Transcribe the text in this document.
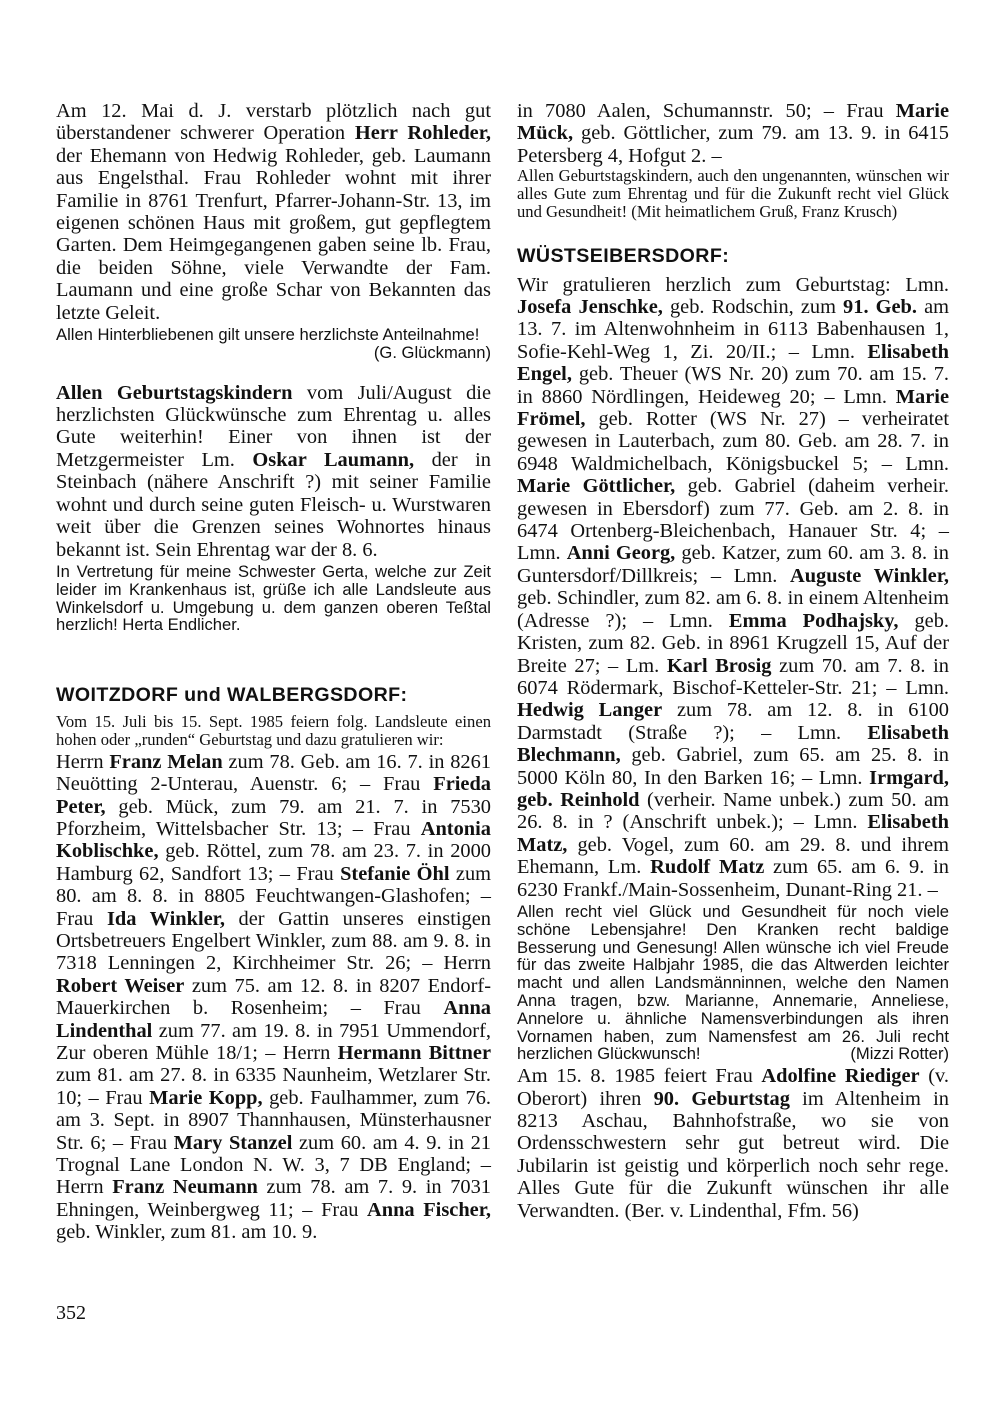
Am 12. Mai d. J. verstarb plötzlich nach gut überstandener schwerer Operation Herr Rohleder, der Ehemann von Hedwig Rohleder, geb. Laumann aus Engelsthal. Frau Rohleder wohnt mit ihrer Familie in 8761 Trenfurt, Pfarrer-Johann-Str. 13, im eigenen schönen Haus mit großem, gut gepflegtem Garten. Dem Heimgegangenen gaben seine lb. Frau, die beiden Söhne, viele Verwandte der Fam. Laumann und eine große Schar von Bekannten das letzte Geleit.

Allen Hinterbliebenen gilt unsere herzlichste Anteilnahme!
(G. Glückmann)

Allen Geburtstagskindern vom Juli/August die herzlichsten Glückwünsche zum Ehrentag u. alles Gute weiterhin! Einer von ihnen ist der Metzgermeister Lm. Oskar Laumann, der in Steinbach (nähere Anschrift ?) mit seiner Familie wohnt und durch seine guten Fleisch- u. Wurstwaren weit über die Grenzen seines Wohnortes hinaus bekannt ist. Sein Ehrentag war der 8. 6.

In Vertretung für meine Schwester Gerta, welche zur Zeit leider im Krankenhaus ist, grüße ich alle Landsleute aus Winkelsdorf u. Umgebung u. dem ganzen oberen Teßtal herzlich! Herta Endlicher.

WOITZDORF und WALBERGSDORF:

Vom 15. Juli bis 15. Sept. 1985 feiern folg. Landsleute einen hohen oder „runden“ Geburtstag und dazu gratulieren wir:

Herrn Franz Melan zum 78. Geb. am 16. 7. in 8261 Neuötting 2-Unterau, Auenstr. 6; – Frau Frieda Peter, geb. Mück, zum 79. am 21. 7. in 7530 Pforzheim, Wittelsbacher Str. 13; – Frau Antonia Koblischke, geb. Röttel, zum 78. am 23. 7. in 2000 Hamburg 62, Sandfort 13; – Frau Stefanie Öhl zum 80. am 8. 8. in 8805 Feuchtwangen-Glashofen; – Frau Ida Winkler, der Gattin unseres einstigen Ortsbetreuers Engelbert Winkler, zum 88. am 9. 8. in 7318 Lenningen 2, Kirchheimer Str. 26; – Herrn Robert Weiser zum 75. am 12. 8. in 8207 Endorf-Mauerkirchen b. Rosenheim; – Frau Anna Lindenthal zum 77. am 19. 8. in 7951 Ummendorf, Zur oberen Mühle 18/1; – Herrn Hermann Bittner zum 81. am 27. 8. in 6335 Naunheim, Wetzlarer Str. 10; – Frau Marie Kopp, geb. Faulhammer, zum 76. am 3. Sept. in 8907 Thannhausen, Münsterhausner Str. 6; – Frau Mary Stanzel zum 60. am 4. 9. in 21 Trognal Lane London N. W. 3, 7 DB England; – Herrn Franz Neumann zum 78. am 7. 9. in 7031 Ehningen, Weinbergweg 11; – Frau Anna Fischer, geb. Winkler, zum 81. am 10. 9.

in 7080 Aalen, Schumannstr. 50; – Frau Marie Mück, geb. Göttlicher, zum 79. am 13. 9. in 6415 Petersberg 4, Hofgut 2. –

Allen Geburtstagskindern, auch den ungenannten, wünschen wir alles Gute zum Ehrentag und für die Zukunft recht viel Glück und Gesundheit! (Mit heimatlichem Gruß, Franz Krusch)

WÜSTSEIBERSDORF:

Wir gratulieren herzlich zum Geburtstag: Lmn. Josefa Jenschke, geb. Rodschin, zum 91. Geb. am 13. 7. im Altenwohnheim in 6113 Babenhausen 1, Sofie-Kehl-Weg 1, Zi. 20/II.; – Lmn. Elisabeth Engel, geb. Theuer (WS Nr. 20) zum 70. am 15. 7. in 8860 Nördlingen, Heideweg 20; – Lmn. Marie Frömel, geb. Rotter (WS Nr. 27) – verheiratet gewesen in Lauterbach, zum 80. Geb. am 28. 7. in 6948 Waldmichelbach, Königsbuckel 5; – Lmn. Marie Göttlicher, geb. Gabriel (daheim verheir. gewesen in Ebersdorf) zum 77. Geb. am 2. 8. in 6474 Ortenberg-Bleichenbach, Hanauer Str. 4; – Lmn. Anni Georg, geb. Katzer, zum 60. am 3. 8. in Guntersdorf/Dillkreis; – Lmn. Auguste Winkler, geb. Schindler, zum 82. am 6. 8. in einem Altenheim (Adresse ?); – Lmn. Emma Podhajsky, geb. Kristen, zum 82. Geb. in 8961 Krugzell 15, Auf der Breite 27; – Lm. Karl Brosig zum 70. am 7. 8. in 6074 Rödermark, Bischof-Ketteler-Str. 21; – Lmn. Hedwig Langer zum 78. am 12. 8. in 6100 Darmstadt (Straße ?); – Lmn. Elisabeth Blechmann, geb. Gabriel, zum 65. am 25. 8. in 5000 Köln 80, In den Barken 16; – Lmn. Irmgard, geb. Reinhold (verheir. Name unbek.) zum 50. am 26. 8. in ? (Anschrift unbek.); – Lmn. Elisabeth Matz, geb. Vogel, zum 60. am 29. 8. und ihrem Ehemann, Lm. Rudolf Matz zum 65. am 6. 9. in 6230 Frankf./Main-Sossenheim, Dunant-Ring 21. –

Allen recht viel Glück und Gesundheit für noch viele schöne Lebensjahre! Den Kranken recht baldige Besserung und Genesung! Allen wünsche ich viel Freude für das zweite Halbjahr 1985, die das Altwerden leichter macht und allen Landsmänninnen, welche den Namen Anna tragen, bzw. Marianne, Annemarie, Anneliese, Annelore u. ähnliche Namensverbindungen als ihren Vornamen haben, zum Namensfest am 26. Juli recht herzlichen Glückwunsch!	(Mizzi Rotter)

Am 15. 8. 1985 feiert Frau Adolfine Riediger (v. Oberort) ihren 90. Geburtstag im Altenheim in 8213 Aschau, Bahnhofstraße, wo sie von Ordensschwestern sehr gut betreut wird. Die Jubilarin ist geistig und körperlich noch sehr rege. Alles Gute für die Zukunft wünschen ihr alle Verwandten. (Ber. v. Lindenthal, Ffm. 56)

352
